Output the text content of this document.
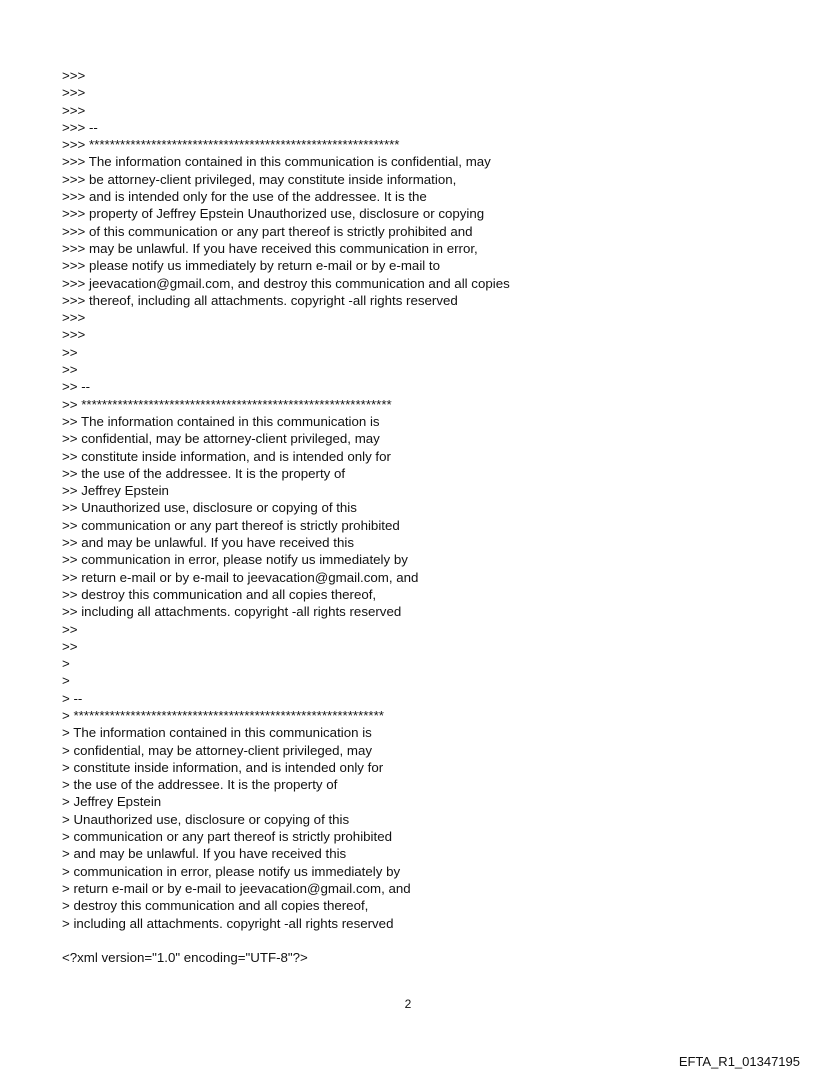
>>>
>>>
>>>
>>> --
>>> ************************************************************
>>> The information contained in this communication is confidential, may
>>> be attorney-client privileged, may constitute inside information,
>>> and is intended only for the use of the addressee. It is the
>>> property of Jeffrey Epstein Unauthorized use, disclosure or copying
>>> of this communication or any part thereof is strictly prohibited and
>>> may be unlawful. If you have received this communication in error,
>>> please notify us immediately by return e-mail or by e-mail to
>>> jeevacation@gmail.com, and destroy this communication and all copies
>>> thereof, including all attachments. copyright -all rights reserved
>>>
>>>
>>
>>
>> --
>> ************************************************************
>> The information contained in this communication is
>> confidential, may be attorney-client privileged, may
>> constitute inside information, and is intended only for
>> the use of the addressee. It is the property of
>> Jeffrey Epstein
>> Unauthorized use, disclosure or copying of this
>> communication or any part thereof is strictly prohibited
>> and may be unlawful. If you have received this
>> communication in error, please notify us immediately by
>> return e-mail or by e-mail to jeevacation@gmail.com, and
>> destroy this communication and all copies thereof,
>> including all attachments. copyright -all rights reserved
>>
>>
>
>
> --
> ************************************************************
> The information contained in this communication is
> confidential, may be attorney-client privileged, may
> constitute inside information, and is intended only for
> the use of the addressee. It is the property of
> Jeffrey Epstein
> Unauthorized use, disclosure or copying of this
> communication or any part thereof is strictly prohibited
> and may be unlawful. If you have received this
> communication in error, please notify us immediately by
> return e-mail or by e-mail to jeevacation@gmail.com, and
> destroy this communication and all copies thereof,
> including all attachments. copyright -all rights reserved
<?xml version="1.0" encoding="UTF-8"?>
2
EFTA_R1_01347195
